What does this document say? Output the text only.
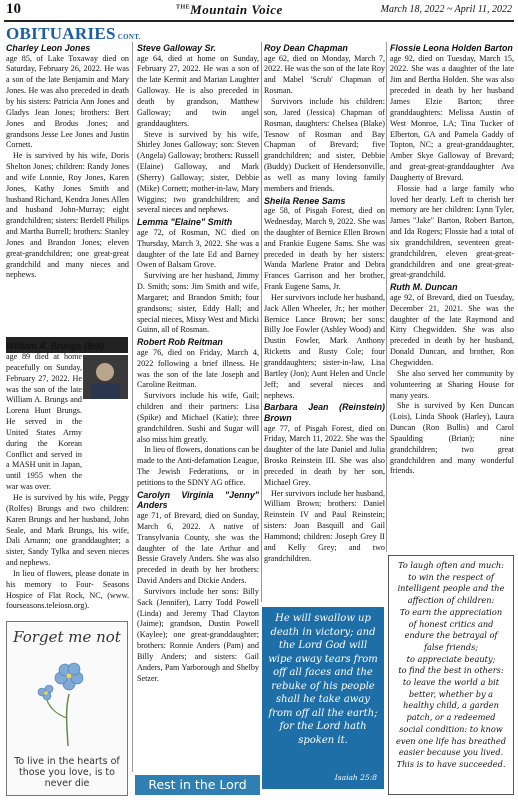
10	$^{THE}$Mountain Voice	March 18, 2022 ~ April 11, 2022
OBITUARIES CONT.
Charley Leon Jones

age 85, of Lake Toxaway died on Saturday, February 26, 2022. He was a son of the late Benjamin and Mary Jones. He was also preceded in death by his sisters: Patricia Ann Jones and Gladys Jean Jones; brothers: Bert Jones and Brodus Jones; and grandsons Jesse Lee Jones and Justin Cornett.

He is survived by his wife, Doris Shelton Jones; children: Randy Jones and wife Lonnie, Roy Jones, Karen Jones, Kathy Jones Smith and husband Richard, Kendra Jones Allen and husband John-Murray; eight grandchildren; sisters: Berdell Philips and Martha Burrell; brothers: Stanley Jones and Brandon Jones; eleven great-grandchildren; one great-great grandchild and many nieces and nephews.

William A. Brungs (Bill)

age 89 died at home peacefully on Sunday, February 27, 2022. He was the son of the late William A. Brungs and Lorena Hunt Brungs. He served in the United States Army during the Korean Conflict and served in a MASH unit in Japan, until 1955 when the war was over.

He is survived by his wife, Peggy (Rolfes) Brungs and two children: Karen Brungs and her husband, John Seale, and Mark Brungs, his wife, Dali Arnann; one granddaughter; a sister, Sandy Tylka and seven nieces and nephews.

In lieu of flowers, please donate in his memory to Four- Seasons Hospice of Flat Rock, NC, (www. fourseasons.teleiosn.org).

Steve Galloway Sr.

age 64, died at home on Sunday, February 27, 2022. He was a son of the late Kermit and Marian Laughter Galloway. He is also preceded in death by grandson, Matthew Galloway; and twin angel granddaughters.

Steve is survived by his wife, Shirley Jones Galloway; son: Steven (Angela) Galloway; brothers: Russell (Elaine) Galloway, and Mark (Sherry) Galloway; sister, Debbie (Mike) Cornett; mother-in-law, Mary Wiggins; two grandchildren; and several nieces and nephews.

Lemma "Elaine" Smith

age 72, of Rosman, NC died on Thursday, March 3, 2022. She was a daughter of the late Ed and Barney Owen of Balsam Grove.

Surviving are her husband, Jimmy D. Smith; sons: Jim Smith and wife, Margaret; and Brandon Smith; four grandsons; sister, Eddy Hall; and special nieces, Missy West and Micki Guinn, all of Rosman.

Robert Rob Reitman

age 76, died on Friday, March 4, 2022 following a brief illness. He was the son of the late Joseph and Caroline Reitman.

Survivors include his wife, Gail; children and their partners: Lisa (Spike) and Michael (Katie); three grandchildren. Sushi and Sugar will also miss him greatly.

In lieu of flowers, donations can be made to the Anti-defamation League, The Jewish Federations, or in petitions to the SDNY AG office.

Carolyn Virginia "Jenny" Anders

age 71, of Brevard, died on Sunday, March 6, 2022. A native of Transylvania County, she was the daughter of the late Arthur and Bessie Gravely Anders. She was also preceded in death by her brothers: David Anders and Dickie Anders.

Survivors include her sons: Billy Sack (Jennifer), Larry Todd Powell (Linda) and Jeremy Thad Clayton (Jaime); grandson, Dustin Powell (Kaylee); one great-granddaughter; brothers: Ronnie Anders (Pam) and Billy Anders; and sisters: Gail Anders, Pam Yarborough and Shelby Setzer.

Roy Dean Chapman

age 62, died on Monday, March 7, 2022. He was the son of the late Roy and Mabel 'Scrub' Chapman of Rosman.

Survivors include his children: son, Jared (Jessica) Chapman of Rosman, daughters: Chelsea (Blake) Tesnow of Rosman and Bay Chapman of Brevard; five grandchildren; and sister, Debbie (Buddy) Duckett of Hendersonville, as well as many loving family members and friends.

Sheila Renee Sams

age 58, of Pisgah Forest, died on Wednesday, March 9, 2022. She was the daughter of Bernice Ellen Brown and Frankie Eugene Sams. She was preceded in death by her sisters: Wanda Marlene Prator and Debra Frances Garrison and her brother, Frank Eugene Sams, Jr.

Her survivors include her husband, Jack Allen Wheeler, Jr.; her mother Bernice Lance Brown; her sons: Billy Joe Fowler (Ashley Wood) and Dustin Fowler, Mark Anthony Ricketts and Rusty Cole; four granddaughters; sister-in-law, Lisa Bartley (Jon); Aunt Helen and Uncle Jeff; and several nieces and nephews.

Barbara Jean (Reinstein) Brown

age 77, of Pisgah Forest, died on Friday, March 11, 2022. She was the daughter of the late Daniel and Julia Brosko Reinstein III. She was also preceded in death by her son, Michael Grey.

Her survivors include her husband, William Brown; brothers: Daniel Reinstein IV and Paul Reinstein; sisters: Joan Basquill and Gail Hammond; children: Joseph Grey II and Kelly Grey; and two grandchildren.

Flossie Leona Holden Barton

age 92, died on Tuesday, March 15, 2022. She was a daughter of the late Jim and Bertha Holden. She was also preceded in death by her husband James Elzie Barton; three granddaughters: Melissa Austin of West Monroe, LA; Tina Tucker of Elberton, GA and Pamela Gaddy of Topton, NC; a great-granddaughter, Amber Skye Galloway of Brevard; and great-great-granddaughter Ava Daugherty of Brevard.

Flossie had a large family who loved her dearly. Left to cherish her memory are her children: Lynn Tyler, James "Jake" Barton, Robert Barton, and Ida Rogers; Flossie had a total of six grandchildren, seventeen great-grandchildren, eleven great-great-grandchildren and one great-great-great-grandchild.

Ruth M. Duncan

age 92, of Brevard, died on Tuesday, December 21, 2021. She was the daughter of the late Raymond and Kitty Chegwidden. She was also preceded in death by her husband, Donald Duncan, and brother, Ron Chegwidden.

She also served her community by volunteering at Sharing House for many years.

She is survived by Ken Duncan (Lois), Linda Shook (Harley), Laura Duncan (Ron Bullis) and Carol Spaulding (Brian); nine grandchildren; two great grandchildren and many wonderful friends.

Forget me not
To live in the hearts of those you love, is to never die	Rest in the Lord
He will swallow up death in victory; and the Lord God will wipe away tears from off all faces and the rebuke of his people shall he take away from off all the earth; for the Lord hath spoken it.
Isaiah 25:8
To laugh often and much:
to win the respect of
intelligent people and the
affection of children:
To earn the appreciation
of honest critics and
endure the betrayal of
false friends;
to appreciate beauty;
to find the best in others:
to leave the world a bit
better, whether by a
healthy child, a garden
patch, or a redeemed
social condition: to know
even one life has breathed
easier because you lived.
This is to have succeeded.
